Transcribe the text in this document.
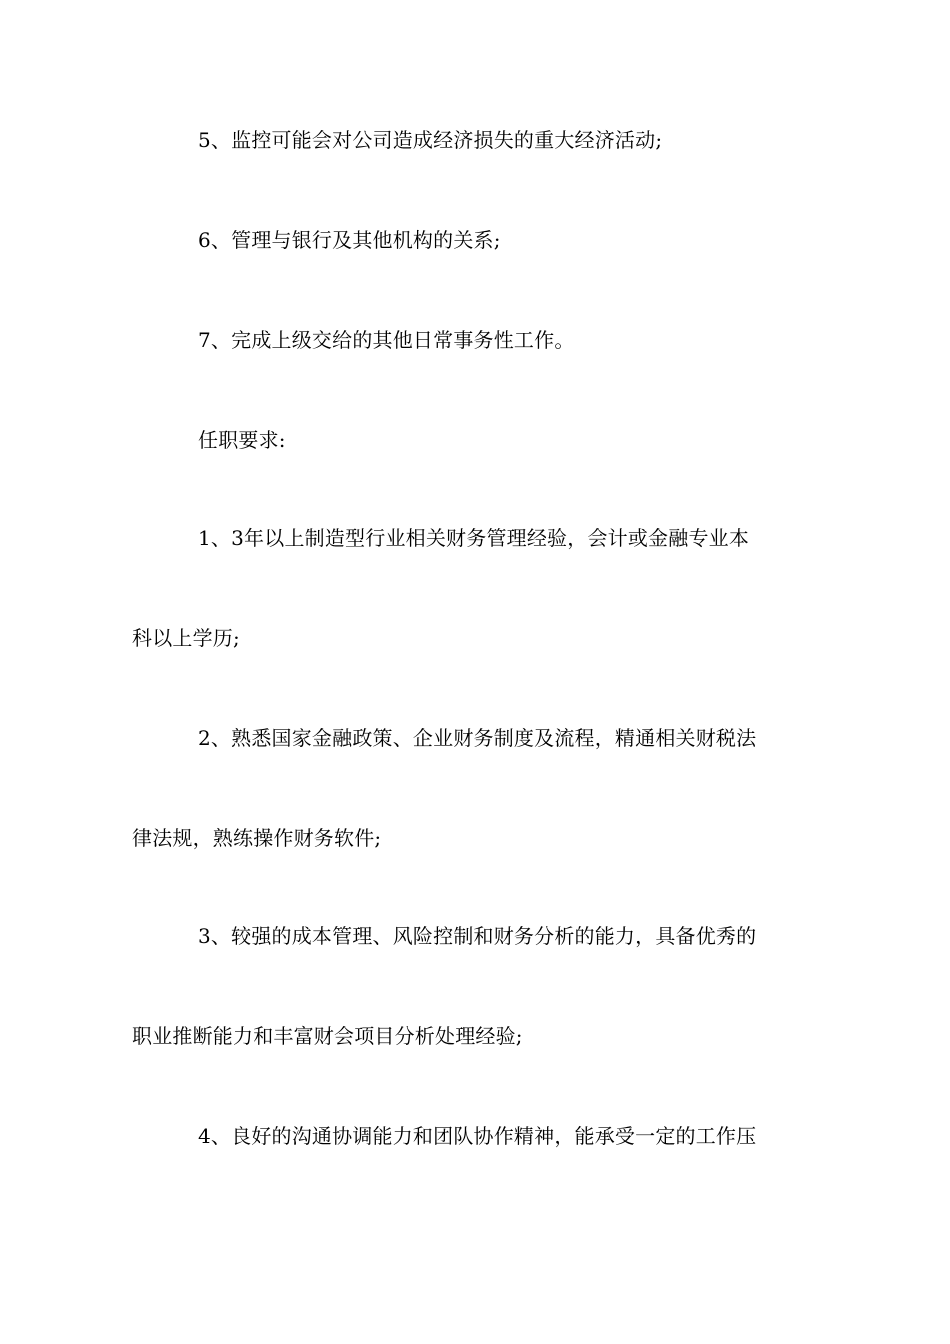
5、监控可能会对公司造成经济损失的重大经济活动;
6、管理与银行及其他机构的关系;
7、完成上级交给的其他日常事务性工作。
任职要求:
1、3年以上制造型行业相关财务管理经验，会计或金融专业本
科以上学历;
2、熟悉国家金融政策、企业财务制度及流程，精通相关财税法
律法规，熟练操作财务软件;
3、较强的成本管理、风险控制和财务分析的能力，具备优秀的
职业推断能力和丰富财会项目分析处理经验;
4、良好的沟通协调能力和团队协作精神，能承受一定的工作压
